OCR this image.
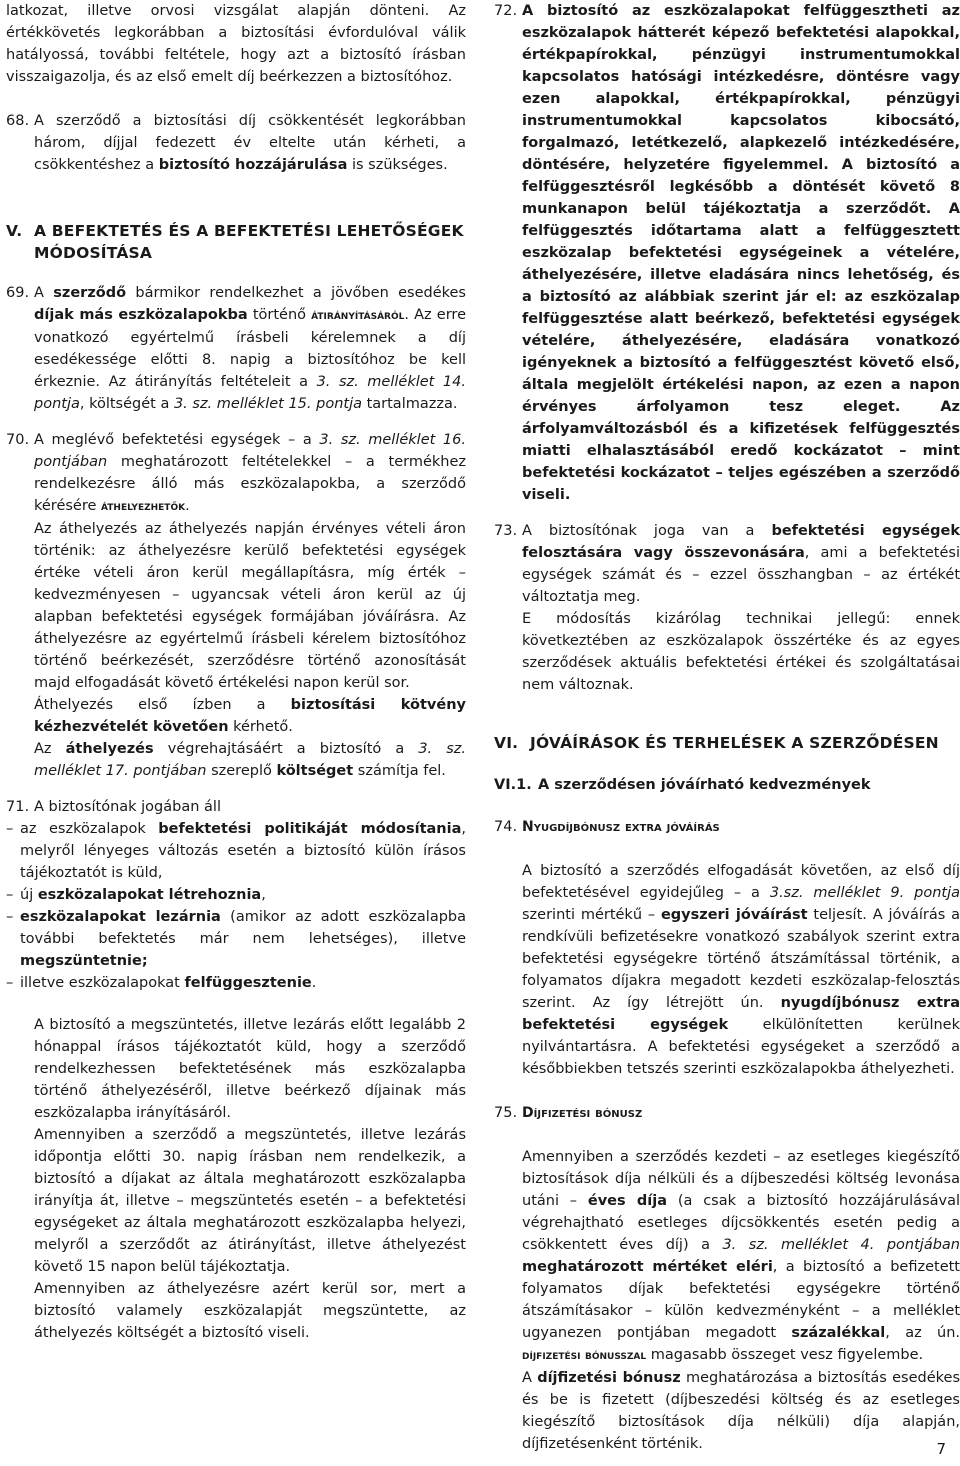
latkozat, illetve orvosi vizsgálat alapján dönteni. Az értékkövetés legkorábban a biztosítási évfordulóval válik hatályossá, további feltétele, hogy azt a biztosító írásban visszaigazolja, és az első emelt díj beérkezzen a biztosítóhoz.

68. A szerződő a biztosítási díj csökkentését legkorábban három, díjjal fedezett év eltelte után kérheti, a csökkentéshez a biztosító hozzájárulása is szükséges.
V. A BEFEKTETÉS ÉS A BEFEKTETÉSI LEHETŐSÉGEK MÓDOSÍTÁSA
69. A szerződő bármikor rendelkezhet a jövőben esedékes díjak más eszközalapokba történő átirányításáról. Az erre vonatkozó egyértelmű írásbeli kérelemnek a díj esedékessége előtti 8. napig a biztosítóhoz be kell érkeznie. Az átirányítás feltételeit a 3. sz. melléklet 14. pontja, költségét a 3. sz. melléklet 15. pontja tartalmazza.
70. A meglévő befektetési egységek – a 3. sz. melléklet 16. pontjában meghatározott feltételekkel – a termékhez rendelkezésre álló más eszközalapokba, a szerződő kérésére áthelyezhetők.

Az áthelyezés az áthelyezés napján érvényes vételi áron történik: az áthelyezésre kerülő befektetési egységek értéke vételi áron kerül megállapításra, míg érték – kedvezményesen – ugyancsak vételi áron kerül az új alapban befektetési egységek formájában jóváírásra. Az áthelyezésre az egyértelmű írásbeli kérelem biztosítóhoz történő beérkezését, szerződésre történő azonosítását majd elfogadását követő értékelési napon kerül sor.

Áthelyezés első ízben a biztosítási kötvény kézhezvételét követően kérhető.

Az áthelyezés végrehajtásáért a biztosító a 3. sz. melléklet 17. pontjában szereplő költséget számítja fel.

71. A biztosítónak jogában áll
– az eszközalapok befektetési politikáját módosítania, melyről lényeges változás esetén a biztosító külön írásos tájékoztatót is küld,
– új eszközalapokat létrehoznia,
– eszközalapokat lezárnia (amikor az adott eszközalapba további befektetés már nem lehetséges), illetve megszüntetnie;
– illetve eszközalapokat felfüggesztenie.

A biztosító a megszüntetés, illetve lezárás előtt legalább 2 hónappal írásos tájékoztatót küld, hogy a szerződő rendelkezhessen befektetésének más eszközalapba történő áthelyezéséről, illetve beérkező díjainak más eszközalapba irányításáról.

Amennyiben a szerződő a megszüntetés, illetve lezárás időpontja előtti 30. napig írásban nem rendelkezik, a biztosító a díjakat az általa meghatározott eszközalapba irányítja át, illetve – megszüntetés esetén – a befektetési egységeket az általa meghatározott eszközalapba helyezi, melyről a szerződőt az átirányítást, illetve áthelyezést követő 15 napon belül tájékoztatja.

Amennyiben az áthelyezésre azért kerül sor, mert a biztosító valamely eszközalapját megszüntette, az áthelyezés költségét a biztosító viseli.

72. A biztosító az eszközalapokat felfüggesztheti az eszközalapok hátterét képező befektetési alapokkal, értékpapírokkal, pénzügyi instrumentumokkal kapcsolatos hatósági intézkedésre, döntésre vagy ezen alapokkal, értékpapírokkal, pénzügyi instrumentumokkal kapcsolatos kibocsátó, forgalmazó, letétkezelő, alapkezelő intézkedésére, döntésére, helyzetére figyelemmel. A biztosító a felfüggesztésről legkésőbb a döntését követő 8 munkanapon belül tájékoztatja a szerződőt. A felfüggesztés időtartama alatt a felfüggesztett eszközalap befektetési egységeinek a vételére, áthelyezésére, illetve eladására nincs lehetőség, és a biztosító az alábbiak szerint jár el: az eszközalap felfüggesztése alatt beérkező, befektetési egységek vételére, áthelyezésére, eladására vonatkozó igényeknek a biztosító a felfüggesztést követő első, általa megjelölt értékelési napon, az ezen a napon érvényes árfolyamon tesz eleget. Az árfolyamváltozásból és a kifizetések felfüggesztés miatti elhalasztásából eredő kockázatot – mint befektetési kockázatot – teljes egészében a szerződő viseli.
73. A biztosítónak joga van a befektetési egységek felosztására vagy összevonására, ami a befektetési egységek számát és – ezzel összhangban – az értékét változtatja meg.

E módosítás kizárólag technikai jellegű: ennek következtében az eszközalapok összértéke és az egyes szerződések aktuális befektetési értékei és szolgáltatásai nem változnak.

VI. JÓVÁÍRÁSOK ÉS TERHELÉSEK A SZERZŐDÉSEN
VI.1. A szerződésen jóváírható kedvezmények
74. Nyugdíjbónusz extra jóváírás

A biztosító a szerződés elfogadását követően, az első díj befektetésével egyidejűleg – a 3.sz. melléklet 9. pontja szerinti mértékű – egyszeri jóváírást teljesít. A jóváírás a rendkívüli befizetésekre vonatkozó szabályok szerint extra befektetési egységekre történő átszámítással történik, a folyamatos díjakra megadott kezdeti eszközalap-felosztás szerint. Az így létrejött ún. nyugdíjbónusz extra befektetési egységek elkülönítetten kerülnek nyilvántartásra. A befektetési egységeket a szerződő a későbbiekben tetszés szerinti eszközalapokba áthelyezheti.

75. Díjfizetési bónusz

Amennyiben a szerződés kezdeti – az esetleges kiegészítő biztosítások díja nélküli és a díjbeszedési költség levonása utáni – éves díja (a csak a biztosító hozzájárulásával végrehajtható esetleges díjcsökkentés esetén pedig a csökkentett éves díj) a 3. sz. melléklet 4. pontjában meghatározott mértéket eléri, a biztosító a befizetett folyamatos díjak befektetési egységekre történő átszámításakor – külön kedvezményként – a melléklet ugyanezen pontjában megadott százalékkal, az ún. díjfizetési bónusszal magasabb összeget vesz figyelembe.

A díjfizetési bónusz meghatározása a biztosítás esedékes és be is fizetett (díjbeszedési költség és az esetleges kiegészítő biztosítások díja nélküli) díja alapján, díjfizetésenként történik.	7
